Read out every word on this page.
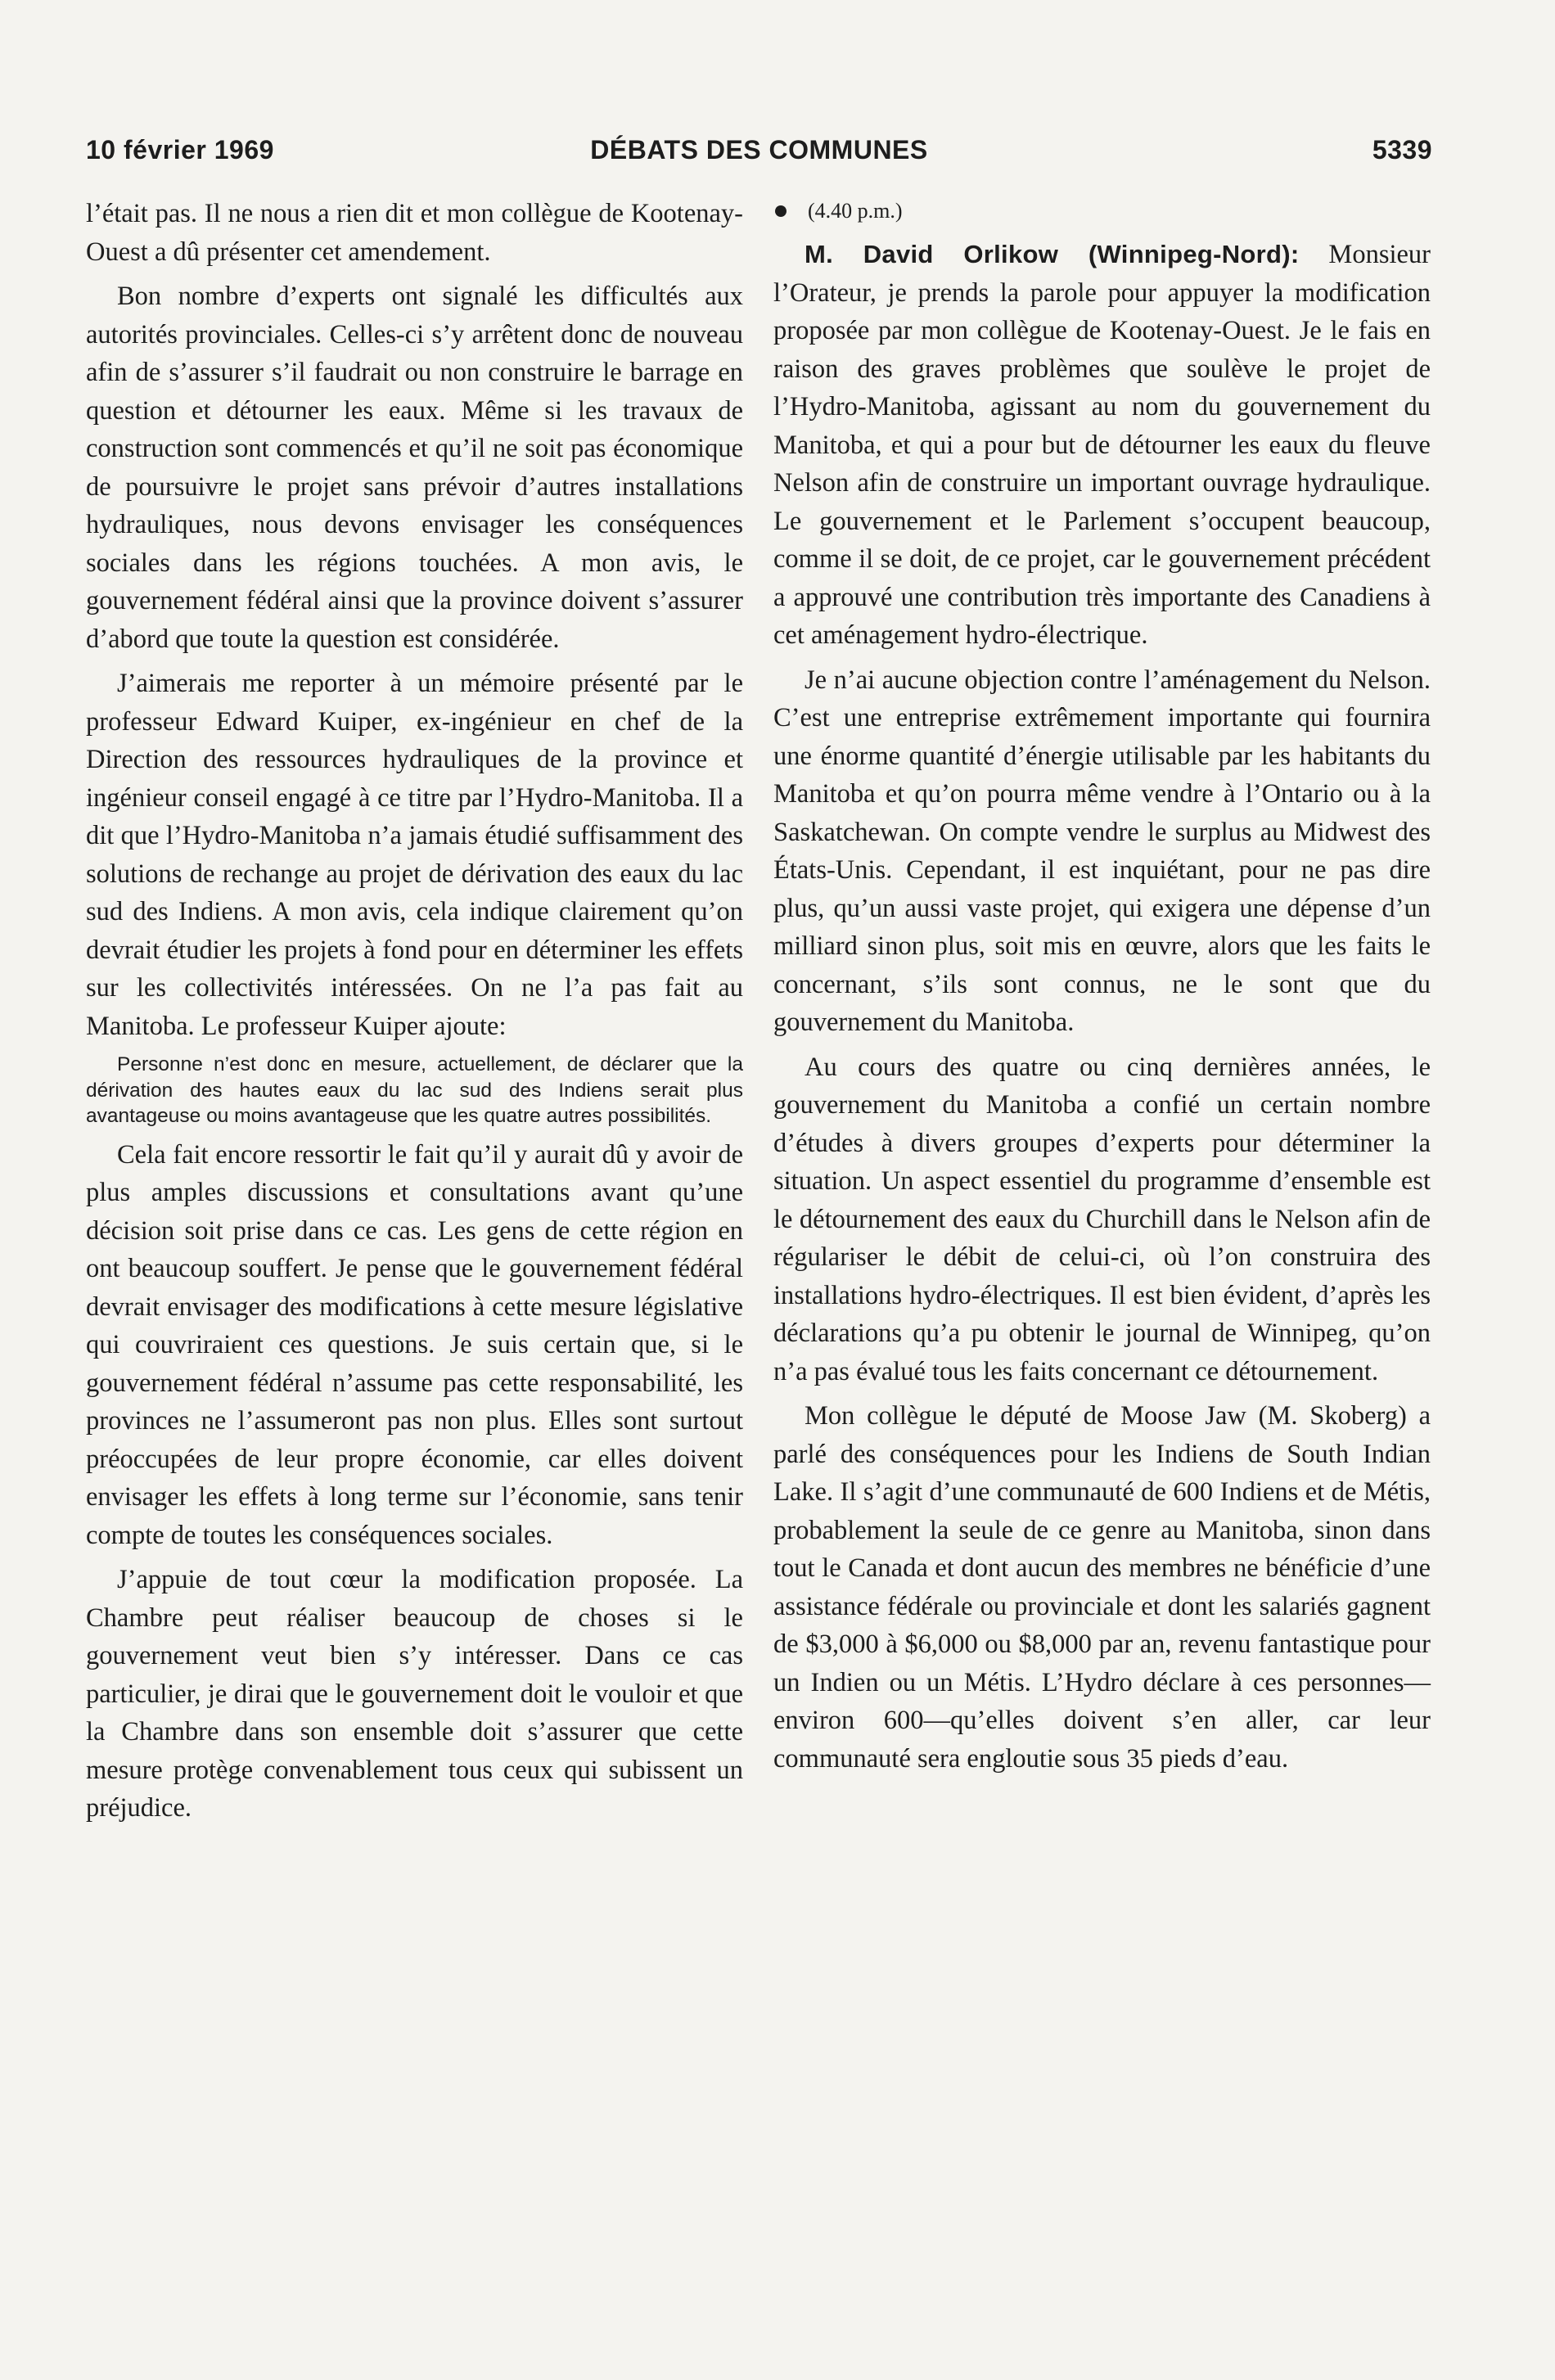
DÉBATS DES COMMUNES
10 février 1969	5339

l’était pas. Il ne nous a rien dit et mon collègue de Kootenay-Ouest a dû présenter cet amendement.

Bon nombre d’experts ont signalé les difficultés aux autorités provinciales. Celles-ci s’y arrêtent donc de nouveau afin de s’assurer s’il faudrait ou non construire le barrage en question et détourner les eaux. Même si les travaux de construction sont commencés et qu’il ne soit pas économique de poursuivre le projet sans prévoir d’autres installations hydrauliques, nous devons envisager les conséquences sociales dans les régions touchées. A mon avis, le gouvernement fédéral ainsi que la province doivent s’assurer d’abord que toute la question est considérée.

J’aimerais me reporter à un mémoire présenté par le professeur Edward Kuiper, ex-ingénieur en chef de la Direction des ressources hydrauliques de la province et ingénieur conseil engagé à ce titre par l’Hydro-Manitoba. Il a dit que l’Hydro-Manitoba n’a jamais étudié suffisamment des solutions de rechange au projet de dérivation des eaux du lac sud des Indiens. A mon avis, cela indique clairement qu’on devrait étudier les projets à fond pour en déterminer les effets sur les collectivités intéressées. On ne l’a pas fait au Manitoba. Le professeur Kuiper ajoute:

Personne n’est donc en mesure, actuellement, de déclarer que la dérivation des hautes eaux du lac sud des Indiens serait plus avantageuse ou moins avantageuse que les quatre autres possibilités.

Cela fait encore ressortir le fait qu’il y aurait dû y avoir de plus amples discussions et consultations avant qu’une décision soit prise dans ce cas. Les gens de cette région en ont beaucoup souffert. Je pense que le gouvernement fédéral devrait envisager des modifications à cette mesure législative qui couvriraient ces questions. Je suis certain que, si le gouvernement fédéral n’assume pas cette responsabilité, les provinces ne l’assumeront pas non plus. Elles sont surtout préoccupées de leur propre économie, car elles doivent envisager les effets à long terme sur l’économie, sans tenir compte de toutes les conséquences sociales.

J’appuie de tout cœur la modification proposée. La Chambre peut réaliser beaucoup de choses si le gouvernement veut bien s’y intéresser. Dans ce cas particulier, je dirai que le gouvernement doit le vouloir et que la Chambre dans son ensemble doit s’assurer que cette mesure protège convenablement tous ceux qui subissent un préjudice.

(4.40 p.m.)

M. David Orlikow (Winnipeg-Nord): Monsieur l’Orateur, je prends la parole pour appuyer la modification proposée par mon collègue de Kootenay-Ouest. Je le fais en raison des graves problèmes que soulève le projet de l’Hydro-Manitoba, agissant au nom du gouvernement du Manitoba, et qui a pour but de détourner les eaux du fleuve Nelson afin de construire un important ouvrage hydraulique. Le gouvernement et le Parlement s’occupent beaucoup, comme il se doit, de ce projet, car le gouvernement précédent a approuvé une contribution très importante des Canadiens à cet aménagement hydro-électrique.

Je n’ai aucune objection contre l’aménagement du Nelson. C’est une entreprise extrêmement importante qui fournira une énorme quantité d’énergie utilisable par les habitants du Manitoba et qu’on pourra même vendre à l’Ontario ou à la Saskatchewan. On compte vendre le surplus au Midwest des États-Unis. Cependant, il est inquiétant, pour ne pas dire plus, qu’un aussi vaste projet, qui exigera une dépense d’un milliard sinon plus, soit mis en œuvre, alors que les faits le concernant, s’ils sont connus, ne le sont que du gouvernement du Manitoba.

Au cours des quatre ou cinq dernières années, le gouvernement du Manitoba a confié un certain nombre d’études à divers groupes d’experts pour déterminer la situation. Un aspect essentiel du programme d’ensemble est le détournement des eaux du Churchill dans le Nelson afin de régulariser le débit de celui-ci, où l’on construira des installations hydro-électriques. Il est bien évident, d’après les déclarations qu’a pu obtenir le journal de Winnipeg, qu’on n’a pas évalué tous les faits concernant ce détournement.

Mon collègue le député de Moose Jaw (M. Skoberg) a parlé des conséquences pour les Indiens de South Indian Lake. Il s’agit d’une communauté de 600 Indiens et de Métis, probablement la seule de ce genre au Manitoba, sinon dans tout le Canada et dont aucun des membres ne bénéficie d’une assistance fédérale ou provinciale et dont les salariés gagnent de $3,000 à $6,000 ou $8,000 par an, revenu fantastique pour un Indien ou un Métis. L’Hydro déclare à ces personnes—environ 600—qu’elles doivent s’en aller, car leur communauté sera engloutie sous 35 pieds d’eau.
